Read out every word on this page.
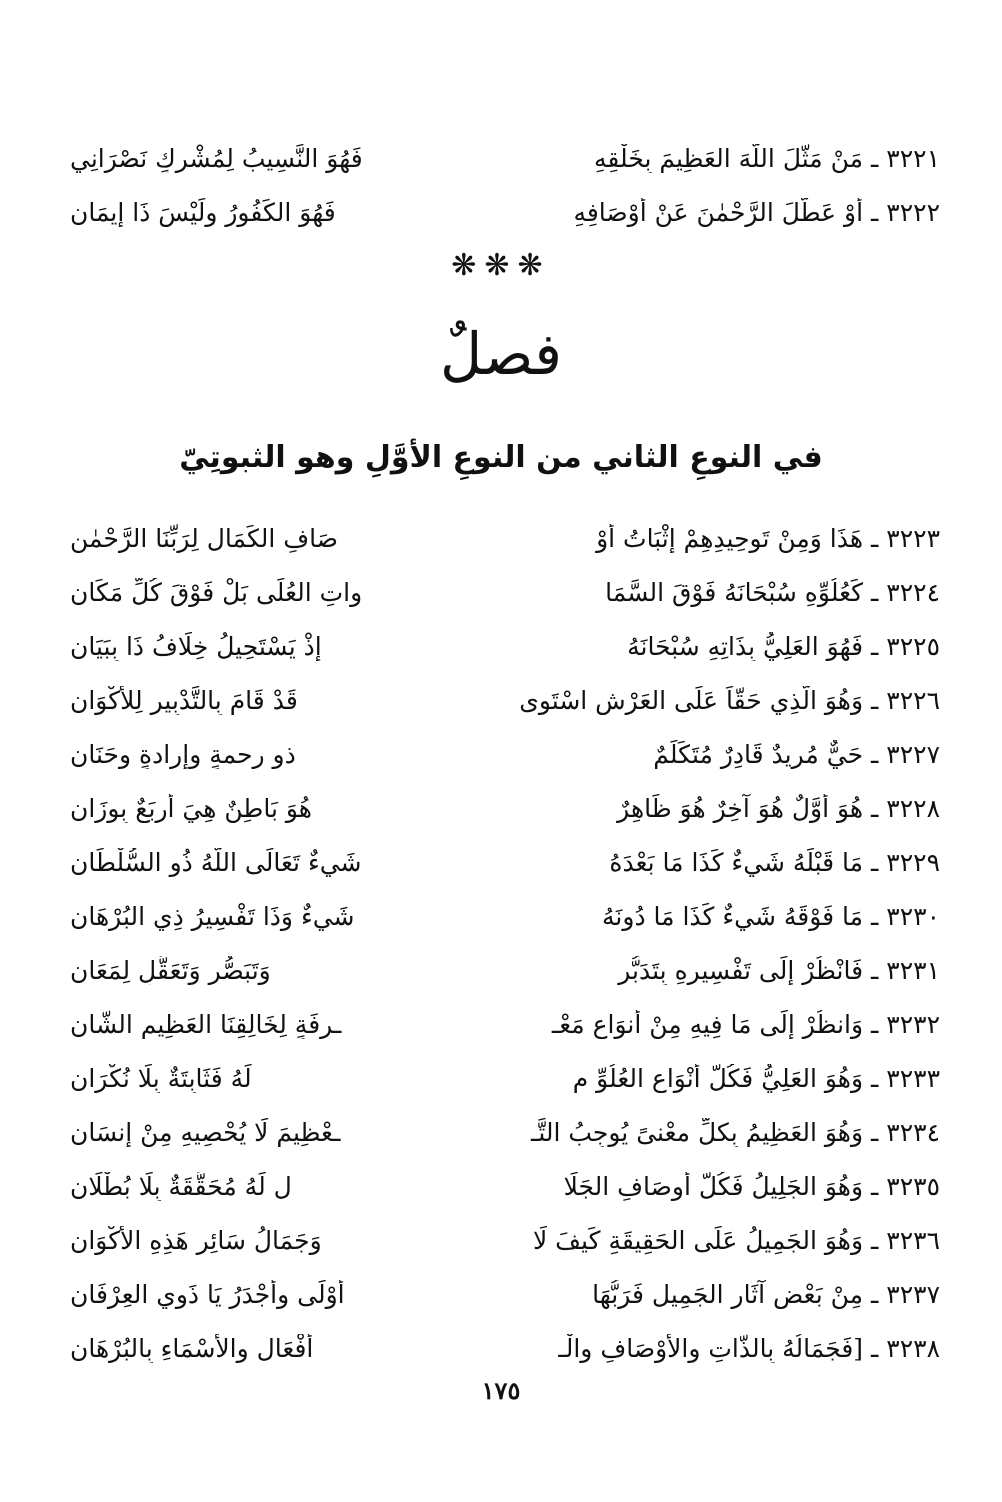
٣٢٢١ ـ مَنْ مَثَّلَ اللَّهَ العَظِيمَ بِخَلْقِهِ
فَهُوَ النَّسِيبُ لِمُشْرِكٍ نَصْرَانِي
٣٢٢٢ ـ أَوْ عَطَّلَ الرَّحْمٰنَ عَنْ أَوْصَافِهِ
فَهُوَ الكَفُورُ ولَيْسَ ذَا إِيمَانِ
❋❋❋
فصلٌ
في النوعِ الثاني من النوعِ الأوَّلِ وهو الثبوتِيّ
٣٢٢٣ ـ هَذَا وَمِنْ تَوحِيدِهِمْ إِثْبَاتُ أَوْ
صَافِ الكَمَالِ لِرَبِّنَا الرَّحْمٰنِ
٣٢٢٤ ـ كَعُلُوِّهِ سُبْحَانَهُ فَوْقَ السَّمَا
واتِ العُلَى بَلْ فَوْقَ كُلِّ مَكَانِ
٣٢٢٥ ـ فَهُوَ العَلِيُّ بِذَاتِهِ سُبْحَانَهُ
إِذْ يَسْتَحِيلُ خِلَافُ ذَا بِبَيَانِ
٣٢٢٦ ـ وَهُوَ الَّذِي حَقّاً عَلَى العَرْشِ اسْتَوى
قَدْ قَامَ بِالتَّدْبِيرِ لِلأَكْوَانِ
٣٢٢٧ ـ حَيٌّ مُرِيدٌ قَادِرٌ مُتَكَلِّمٌ
ذو رحمةٍ وإرادةٍ وحَنَانِ
٣٢٢٨ ـ هُوَ أَوَّلٌ هُوَ آخِرٌ هُوَ ظَاهِرٌ
هُوَ بَاطِنٌ هِيَ أربَعٌ بِوِزَانِ
٣٢٢٩ ـ مَا قَبْلَهُ شَيءٌ كَذَا مَا بَعْدَهُ
شَيءٌ تَعَالَى اللَّهُ ذُو السُّلْطَانِ
٣٢٣٠ ـ مَا فَوْقَهُ شَيءٌ كَذَا مَا دُونَهُ
شَيءٌ وَذَا تَفْسِيرُ ذِي البُرْهَانِ
٣٢٣١ ـ فَانْظُرْ إِلَى تَفْسِيرِهِ بِتَدَبُّرٍ
وَتَبَصُّرٍ وَتَعَقُّلٍ لِمَعَانِ
٣٢٣٢ ـ وَانظُرْ إِلَى مَا فِيهِ مِنْ أَنوَاعِ مَعْـ
ـرِفَةٍ لِخَالِقِنَا العَظِيمِ الشَّانِ
٣٢٣٣ ـ وَهُوَ العَلِيُّ فَكُلُّ أَنْوَاعِ العُلُوِّ م
لَهُ فَثَابِتَةٌ بِلَا نُكْرَانِ
٣٢٣٤ ـ وَهُوَ العَظِيمُ بِكلِّ معْنىً يُوجِبُ التَّـ
ـعْظِيمَ لَا يُحْصِيهِ مِنْ إِنسَانِ
٣٢٣٥ ـ وَهُوَ الجَلِيلُ فَكُلُّ أَوصَافِ الجَلَا
لِ لَهُ مُحَقَّقَةٌ بِلَا بُطْلَانِ
٣٢٣٦ ـ وَهُوَ الجَمِيلُ عَلَى الحَقِيقَةِ كَيفَ لَا
وَجَمَالُ سَائِرِ هَذِهِ الأَكْوَانِ
٣٢٣٧ ـ مِنْ بَعْضِ آثَارِ الجَمِيلِ فَرَبُّهَا
أَوْلَى وأَجْدَرُ يَا ذَوِي العِرْفَانِ
٣٢٣٨ ـ [فَجَمَالُهُ بِالذَّاتِ والأَوْصَافِ والْـ
أَفْعَالِ والأَسْمَاءِ بِالبُرْهَانِ
١٧٥
